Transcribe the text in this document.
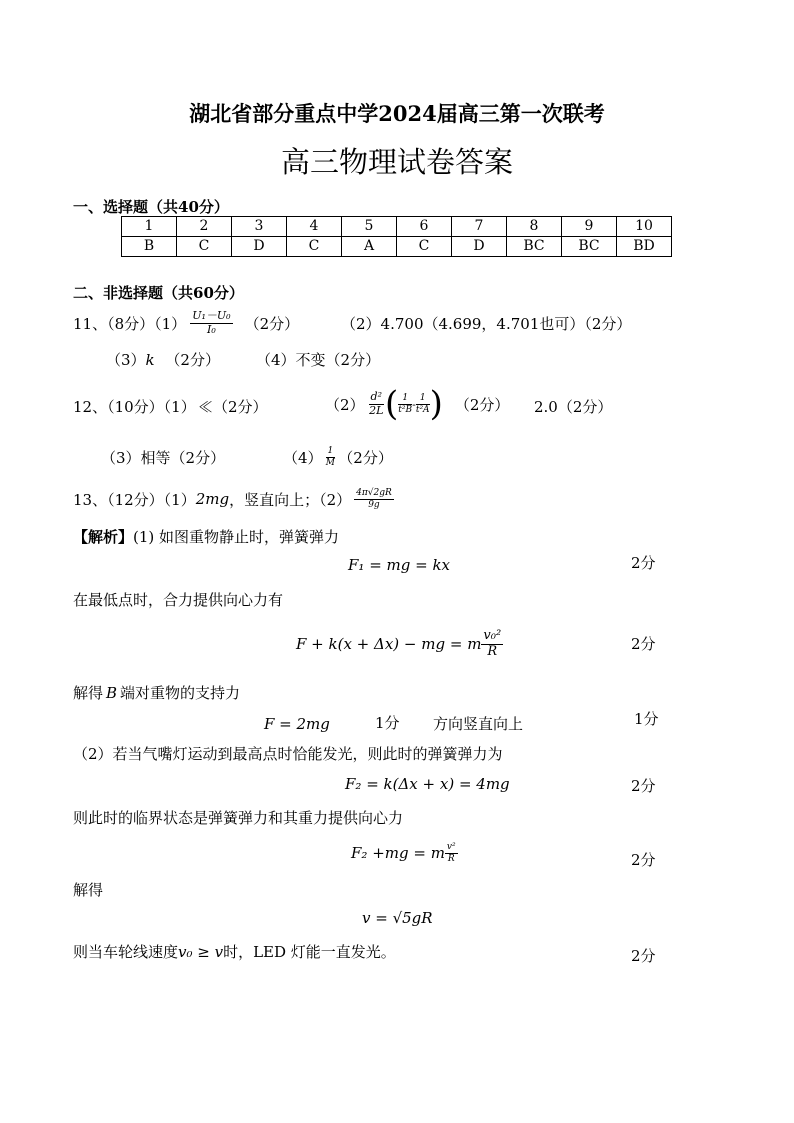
湖北省部分重点中学2024届高三第一次联考
高三物理试卷答案
一、选择题（共40分）
1	2	3	4	5	6	7	8	9	10
B	C	D	C	A	C	D	BC	BC	BD
二、非选择题（共60分）
11、（8分）$(1) \frac{\text{U₁－U₀}}{\text{I₀}} (2$分）	（2）4.700（4.699，4.701也可）（2分）
（3）k （2分） （4）不变（2分）
12、（10分）（1） ≪（2分）	$(2) \frac{\text{d²}}{2L}$ ( $\frac{1}{\text{t²B}} - \frac{1}{\text{t²A}}$ ) （2分） 2.0（2分）
（3）相等（2分）	$(4) \frac{1}{M} (2$分）
13、（12分）（1） 2mg ，竖直向上；$(2) \frac{4\pi√2gR}{9g}$
【解析】(1) 如图重物静止时，弹簧弹力
F₁ = mg = kx	2分
在最低点时，合力提供向心力有
F + k(x + Δx) − mg = m $\frac{\text{v₀²}}{R}$	2分
解得 B 端对重物的支持力
F = 2mg	1分 方向竖直向上	1分
（2）若当气嘴灯运动到最高点时恰能发光，则此时的弹簧弹力为
F₂ = k(Δx + x) = 4mg	2分
则此时的临界状态是弹簧弹力和其重力提供向心力
F₂ +mg = m $\frac{\text{v²}}{R}$	2分
解得
v = √5gR
则当车轮线速度v₀ ≥ v时，LED 灯能一直发光。	2分
